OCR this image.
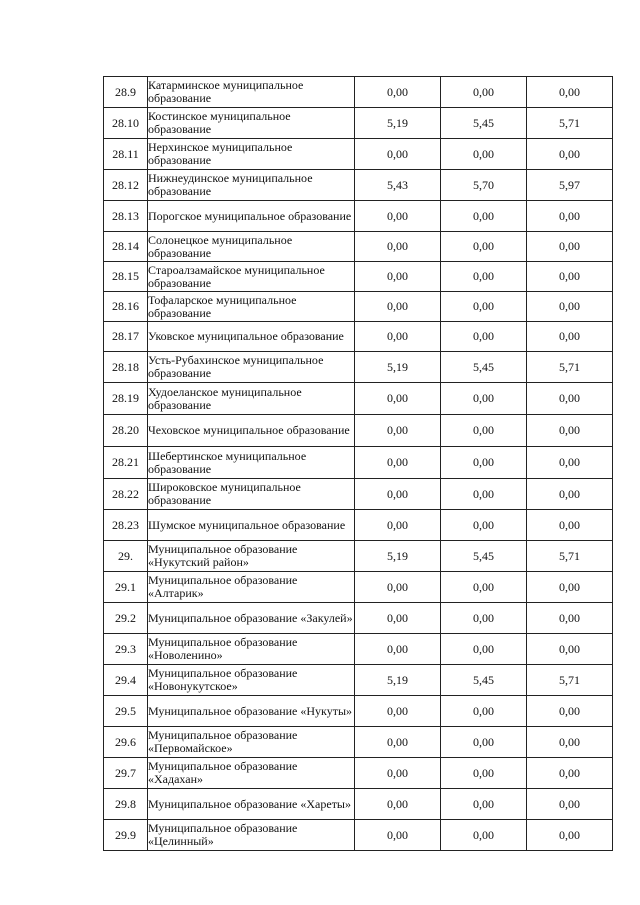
28.9	Катарминское муниципальное образование	0,00	0,00	0,00
28.10	Костинское муниципальное образование	5,19	5,45	5,71
28.11	Нерхинское муниципальное образование	0,00	0,00	0,00
28.12	Нижнеудинское муниципальное образование	5,43	5,70	5,97
28.13	Порогское муниципальное образование	0,00	0,00	0,00
28.14	Солонецкое муниципальное образование	0,00	0,00	0,00
28.15	Староалзамайское муниципальное образование	0,00	0,00	0,00
28.16	Тофаларское муниципальное образование	0,00	0,00	0,00
28.17	Уковское муниципальное образование	0,00	0,00	0,00
28.18	Усть-Рубахинское муниципальное образование	5,19	5,45	5,71
28.19	Худоеланское муниципальное образование	0,00	0,00	0,00
28.20	Чеховское муниципальное образование	0,00	0,00	0,00
28.21	Шебертинское муниципальное образование	0,00	0,00	0,00
28.22	Широковское муниципальное образование	0,00	0,00	0,00
28.23	Шумское муниципальное образование	0,00	0,00	0,00
29.	Муниципальное образование «Нукутский район»	5,19	5,45	5,71
29.1	Муниципальное образование «Алтарик»	0,00	0,00	0,00
29.2	Муниципальное образование «Закулей»	0,00	0,00	0,00
29.3	Муниципальное образование «Новоленино»	0,00	0,00	0,00
29.4	Муниципальное образование «Новонукутское»	5,19	5,45	5,71
29.5	Муниципальное образование «Нукуты»	0,00	0,00	0,00
29.6	Муниципальное образование «Первомайское»	0,00	0,00	0,00
29.7	Муниципальное образование «Хадахан»	0,00	0,00	0,00
29.8	Муниципальное образование «Хареты»	0,00	0,00	0,00
29.9	Муниципальное образование «Целинный»	0,00	0,00	0,00
